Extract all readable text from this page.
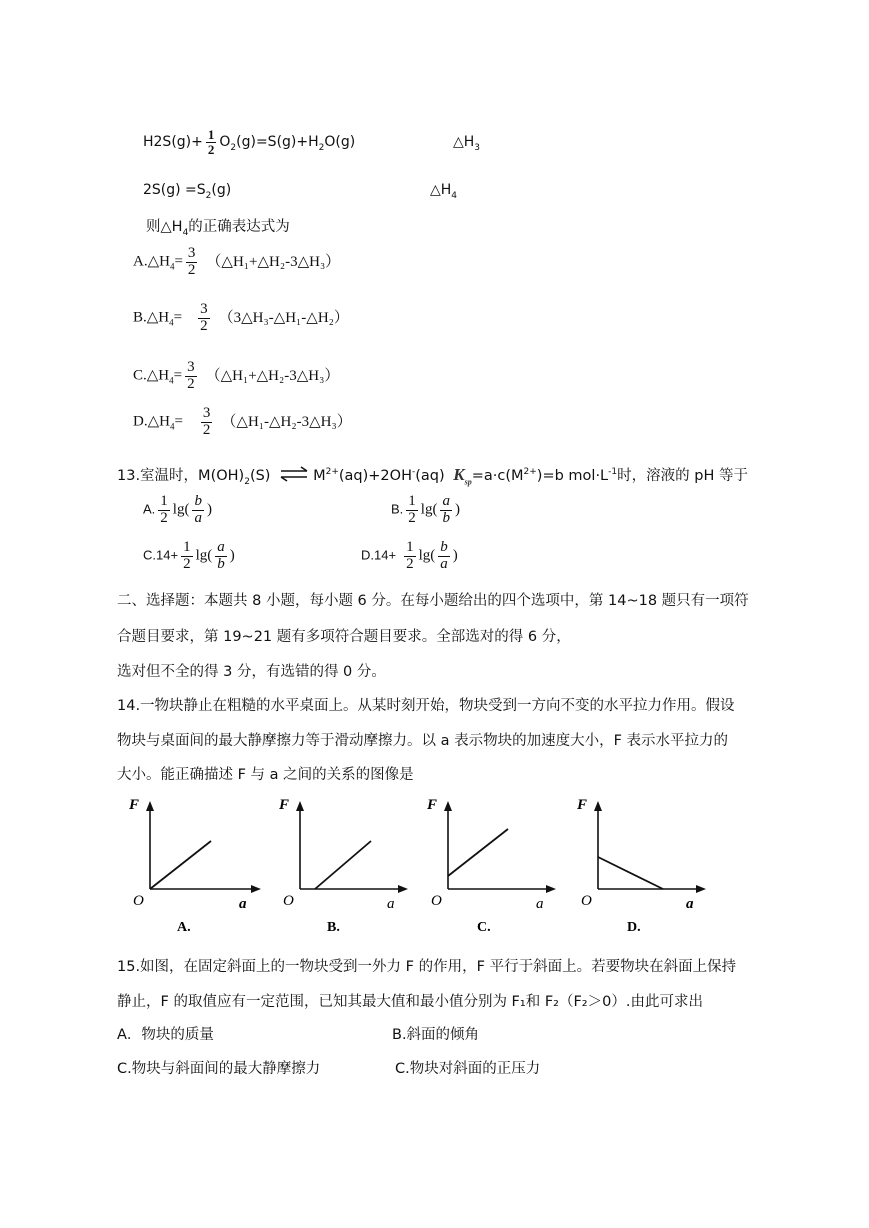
$H2S(g)+ \frac{1}{2} O_2(g)=S(g)+H_2O(g)$	$\triangle H_3$
$2S(g) =S_2(g)$	$\triangle H_4$
则$\triangle H_4$的正确表达式为
$A.\triangle H_4= \frac{3}{2}$ （△H₁+△H₂-3△H₃）
$B.\triangle H_4= \frac{3}{2}$ （3△H₃-△H₁-△H₂）
$C.\triangle H_4= \frac{3}{2}$ （△H₁+△H₂-3△H₃）
$D.\triangle H_4= \frac{3}{2}$ （△H₁-△H₂-3△H₃）
13.室温时，$M(OH)_2(S)$ ⇌ $M^{2+}(aq)+2OH^-(aq)$ $K_{sp}=a\cdot c(M^{2+})=b$ $mol\cdot L^{-1}$时，溶液的 pH 等于
A. $\frac{1}{2} \lg( \frac{b}{a}$ )	B. $\frac{1}{2} \lg( \frac{a}{b}$ )
$C.14+ \frac{1}{2} \lg( \frac{a}{b}$ )	$D.14+ \frac{1}{2} \lg( \frac{b}{a}$ )
二、选择题：本题共 8 小题，每小题 6 分。在每小题给出的四个选项中，第 14~18 题只有一项符
合题目要求，第 19~21 题有多项符合题目要求。全部选对的得 6 分，
选对但不全的得 3 分，有选错的得 0 分。
14.一物块静止在粗糙的水平桌面上。从某时刻开始，物块受到一方向不变的水平拉力作用。假设
物块与桌面间的最大静摩擦力等于滑动摩擦力。以 a 表示物块的加速度大小，F 表示水平拉力的
大小。能正确描述 F 与 a 之间的关系的图像是
F
O	a
A.
F
O	a
B.
F
O	a
C.
F
O	a
D.
15.如图，在固定斜面上的一物块受到一外力 F 的作用，F 平行于斜面上。若要物块在斜面上保持
静止，F 的取值应有一定范围，已知其最大值和最小值分别为 F₁和 F₂（F₂＞0）.由此可求出
A．物块的质量	B.斜面的倾角
C.物块与斜面间的最大静摩擦力	C.物块对斜面的正压力
